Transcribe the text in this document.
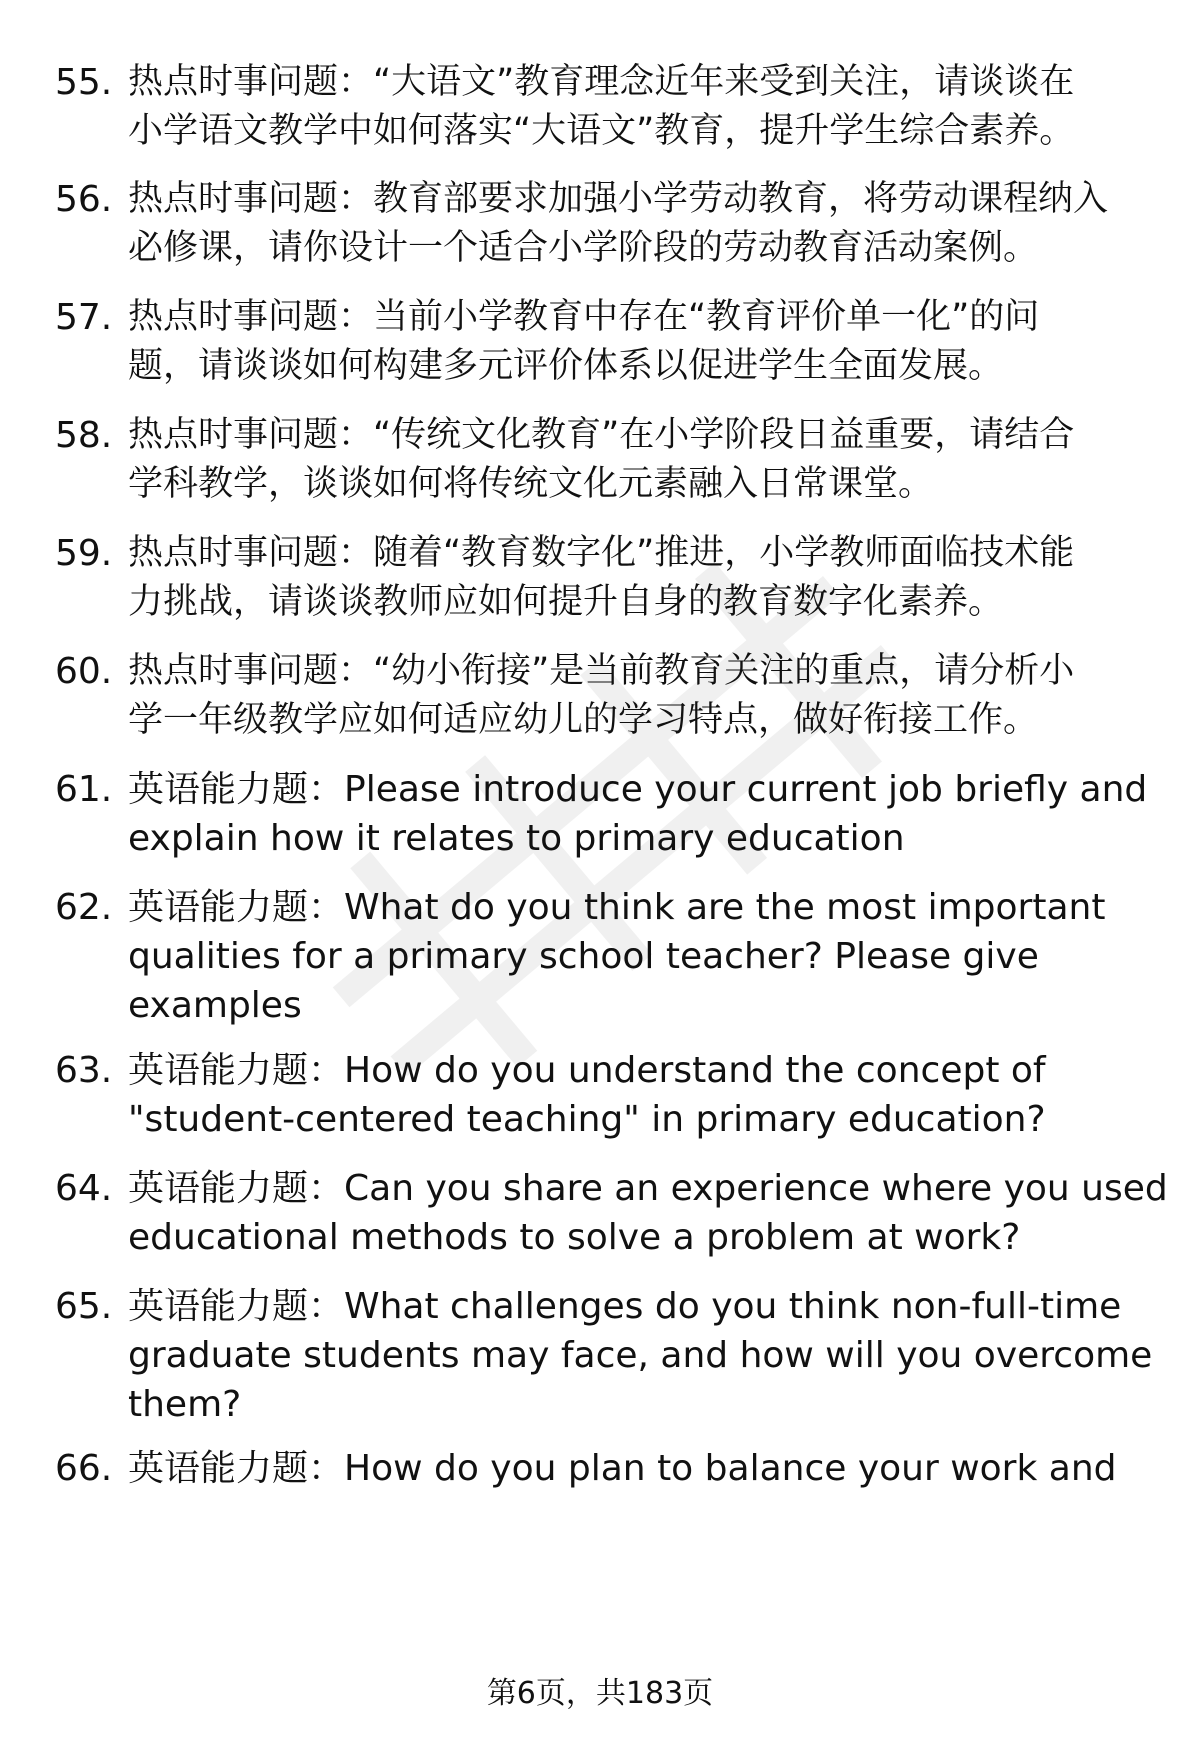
55. 热点时事问题：“大语文”教育理念近年来受到关注，请谈谈在
小学语文教学中如何落实“大语文”教育，提升学生综合素养。
56. 热点时事问题：教育部要求加强小学劳动教育，将劳动课程纳入
必修课，请你设计一个适合小学阶段的劳动教育活动案例。
57. 热点时事问题：当前小学教育中存在“教育评价单一化”的问
题，请谈谈如何构建多元评价体系以促进学生全面发展。
58. 热点时事问题：“传统文化教育”在小学阶段日益重要，请结合
学科教学，谈谈如何将传统文化元素融入日常课堂。
59. 热点时事问题：随着“教育数字化”推进，小学教师面临技术能
力挑战，请谈谈教师应如何提升自身的教育数字化素养。
60. 热点时事问题：“幼小衔接”是当前教育关注的重点，请分析小
学一年级教学应如何适应幼儿的学习特点，做好衔接工作。
61. 英语能力题：Please introduce your current job briefly and
explain how it relates to primary education
62. 英语能力题：What do you think are the most important
qualities for a primary school teacher? Please give
examples
63. 英语能力题：How do you understand the concept of
"student-centered teaching" in primary education?
64. 英语能力题：Can you share an experience where you used
educational methods to solve a problem at work?
65. 英语能力题：What challenges do you think non-full-time
graduate students may face, and how will you overcome
them?
66. 英语能力题：How do you plan to balance your work and
第6页，共183页
